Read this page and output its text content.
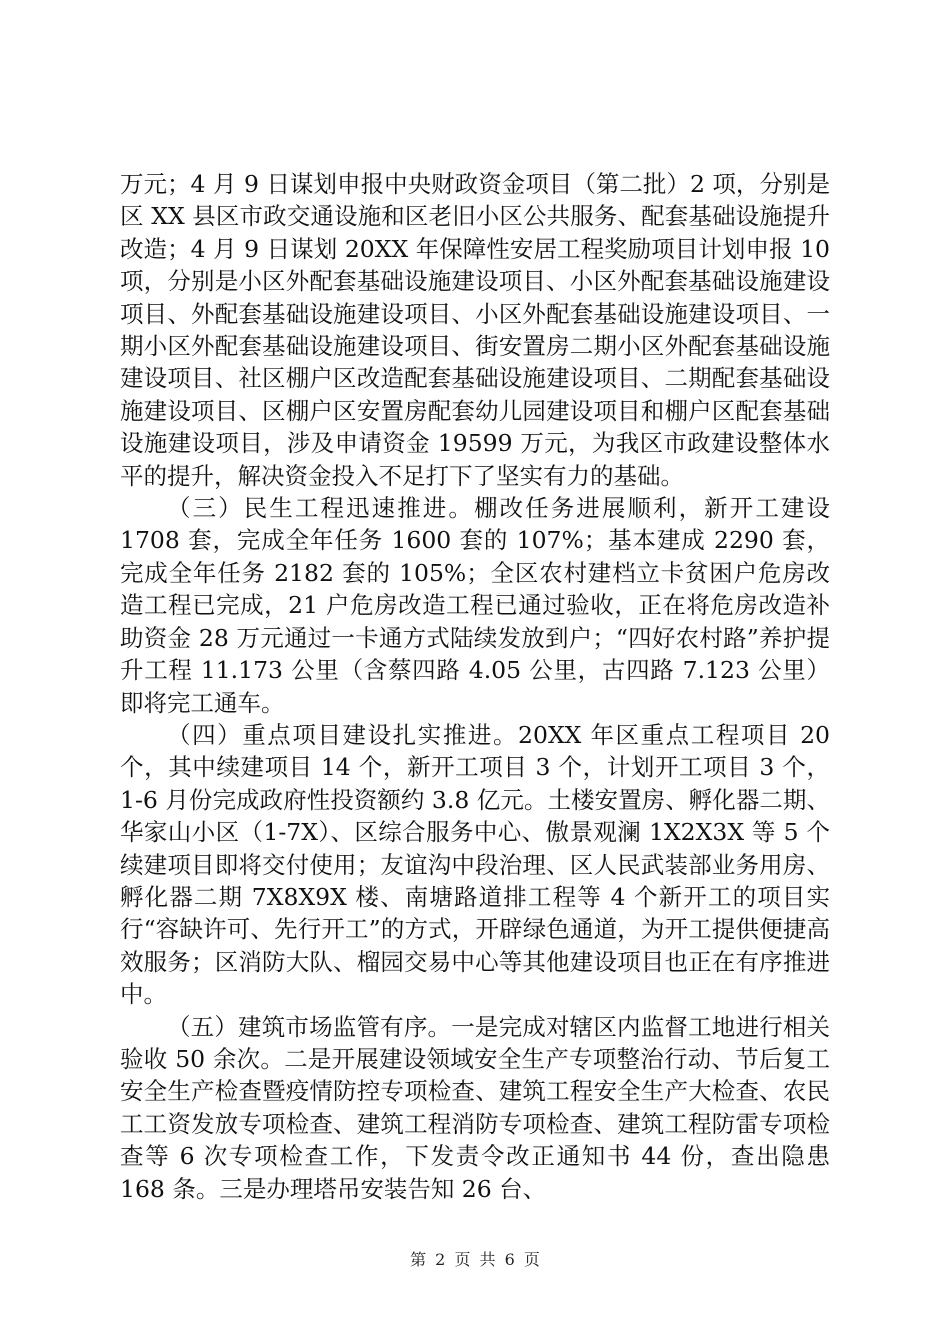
万元；4 月 9 日谋划申报中央财政资金项目（第二批）2 项，分别是区 XX 县区市政交通设施和区老旧小区公共服务、配套基础设施提升改造；4 月 9 日谋划 20XX 年保障性安居工程奖励项目计划申报 10 项，分别是小区外配套基础设施建设项目、小区外配套基础设施建设项目、外配套基础设施建设项目、小区外配套基础设施建设项目、一期小区外配套基础设施建设项目、街安置房二期小区外配套基础设施建设项目、社区棚户区改造配套基础设施建设项目、二期配套基础设施建设项目、区棚户区安置房配套幼儿园建设项目和棚户区配套基础设施建设项目，涉及申请资金 19599 万元，为我区市政建设整体水平的提升，解决资金投入不足打下了坚实有力的基础。

（三）民生工程迅速推进。棚改任务进展顺利，新开工建设 1708 套，完成全年任务 1600 套的 107%；基本建成 2290 套，完成全年任务 2182 套的 105%；全区农村建档立卡贫困户危房改造工程已完成，21 户危房改造工程已通过验收，正在将危房改造补助资金 28 万元通过一卡通方式陆续发放到户；“四好农村路”养护提升工程 11.173 公里（含蔡四路 4.05 公里，古四路 7.123 公里）即将完工通车。

（四）重点项目建设扎实推进。20XX 年区重点工程项目 20 个，其中续建项目 14 个，新开工项目 3 个，计划开工项目 3 个，1-6 月份完成政府性投资额约 3.8 亿元。土楼安置房、孵化器二期、华家山小区（1-7X）、区综合服务中心、傲景观澜 1X2X3X 等 5 个续建项目即将交付使用；友谊沟中段治理、区人民武装部业务用房、孵化器二期 7X8X9X 楼、南塘路道排工程等 4 个新开工的项目实行“容缺许可、先行开工”的方式，开辟绿色通道，为开工提供便捷高效服务；区消防大队、榴园交易中心等其他建设项目也正在有序推进中。

（五）建筑市场监管有序。一是完成对辖区内监督工地进行相关验收 50 余次。二是开展建设领域安全生产专项整治行动、节后复工安全生产检查暨疫情防控专项检查、建筑工程安全生产大检查、农民工工资发放专项检查、建筑工程消防专项检查、建筑工程防雷专项检查等 6 次专项检查工作，下发责令改正通知书 44 份，查出隐患 168 条。三是办理塔吊安装告知 26 台、

第 2 页 共 6 页
